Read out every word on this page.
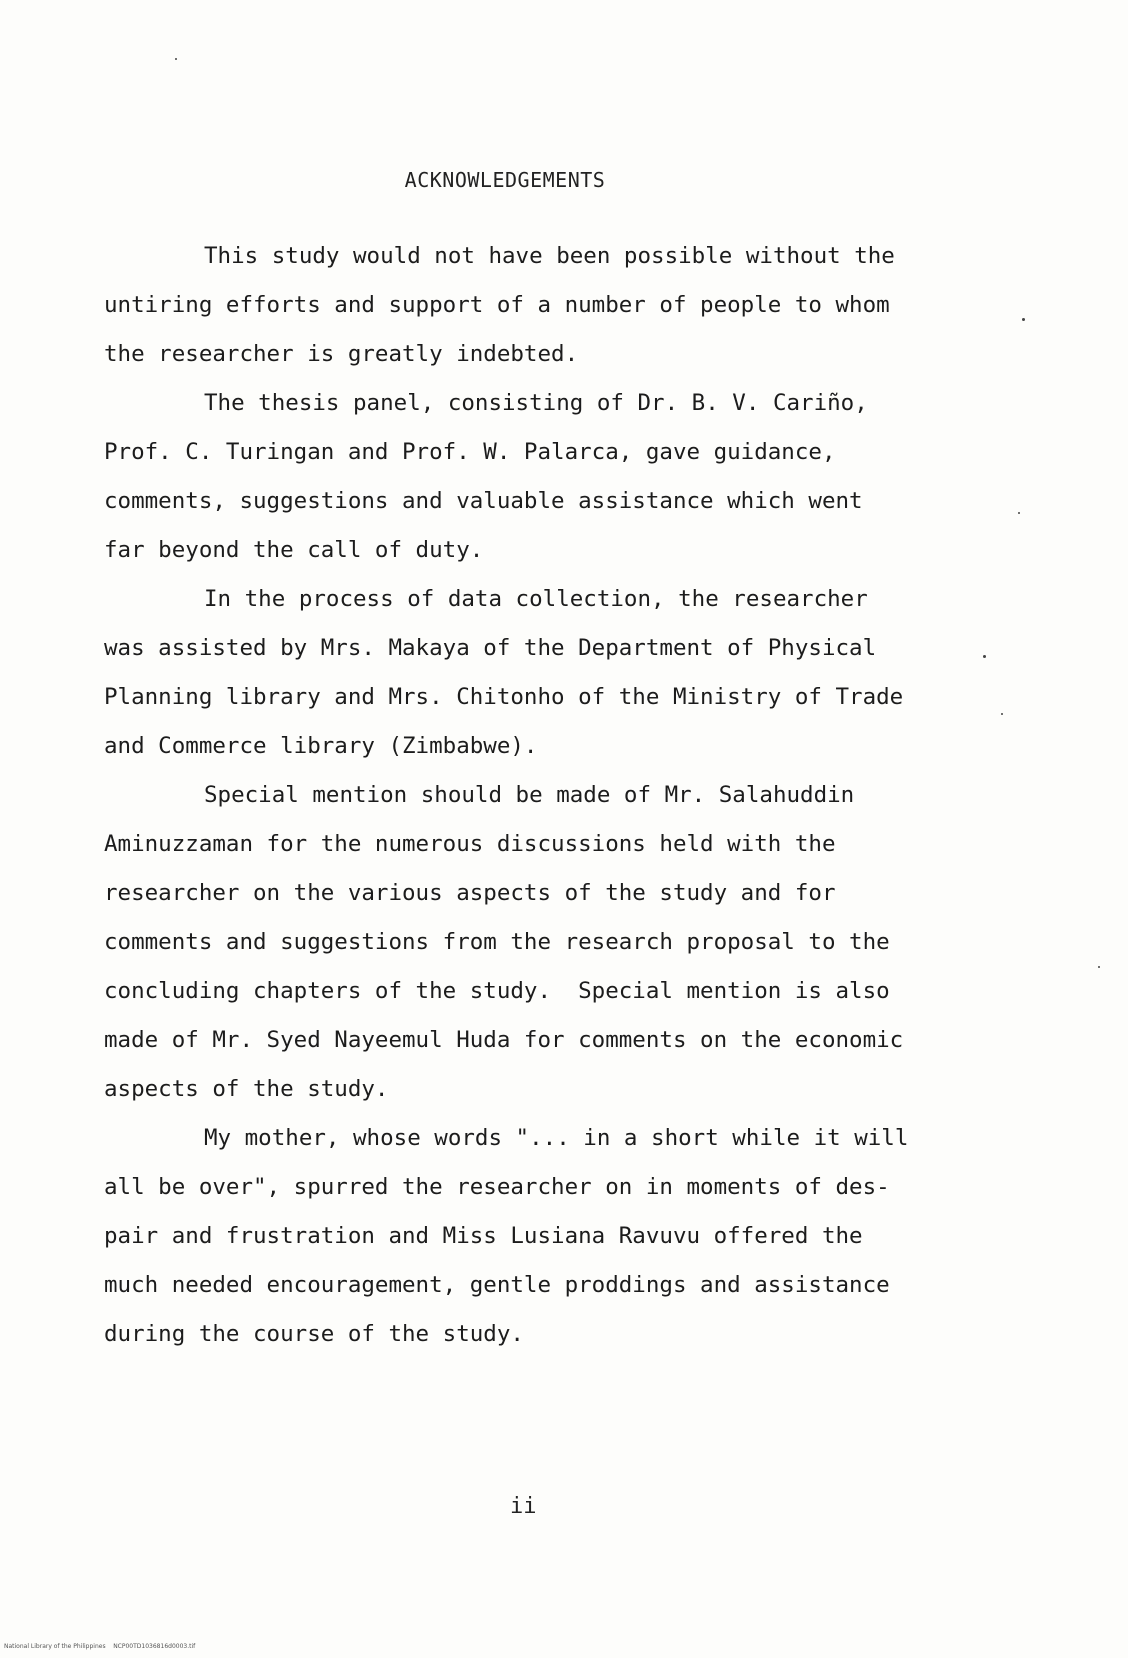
ACKNOWLEDGEMENTS
This study would not have been possible without the
untiring efforts and support of a number of people to whom
the researcher is greatly indebted.
The thesis panel, consisting of Dr. B. V. Cariño,
Prof. C. Turingan and Prof. W. Palarca, gave guidance,
comments, suggestions and valuable assistance which went
far beyond the call of duty.
In the process of data collection, the researcher
was assisted by Mrs. Makaya of the Department of Physical
Planning library and Mrs. Chitonho of the Ministry of Trade
and Commerce library (Zimbabwe).
Special mention should be made of Mr. Salahuddin
Aminuzzaman for the numerous discussions held with the
researcher on the various aspects of the study and for
comments and suggestions from the research proposal to the
concluding chapters of the study.  Special mention is also
made of Mr. Syed Nayeemul Huda for comments on the economic
aspects of the study.
My mother, whose words "... in a short while it will
all be over", spurred the researcher on in moments of des-
pair and frustration and Miss Lusiana Ravuvu offered the
much needed encouragement, gentle proddings and assistance
during the course of the study.
ii
National Library of the Philippines    NCP00TD1036816d0003.tif
